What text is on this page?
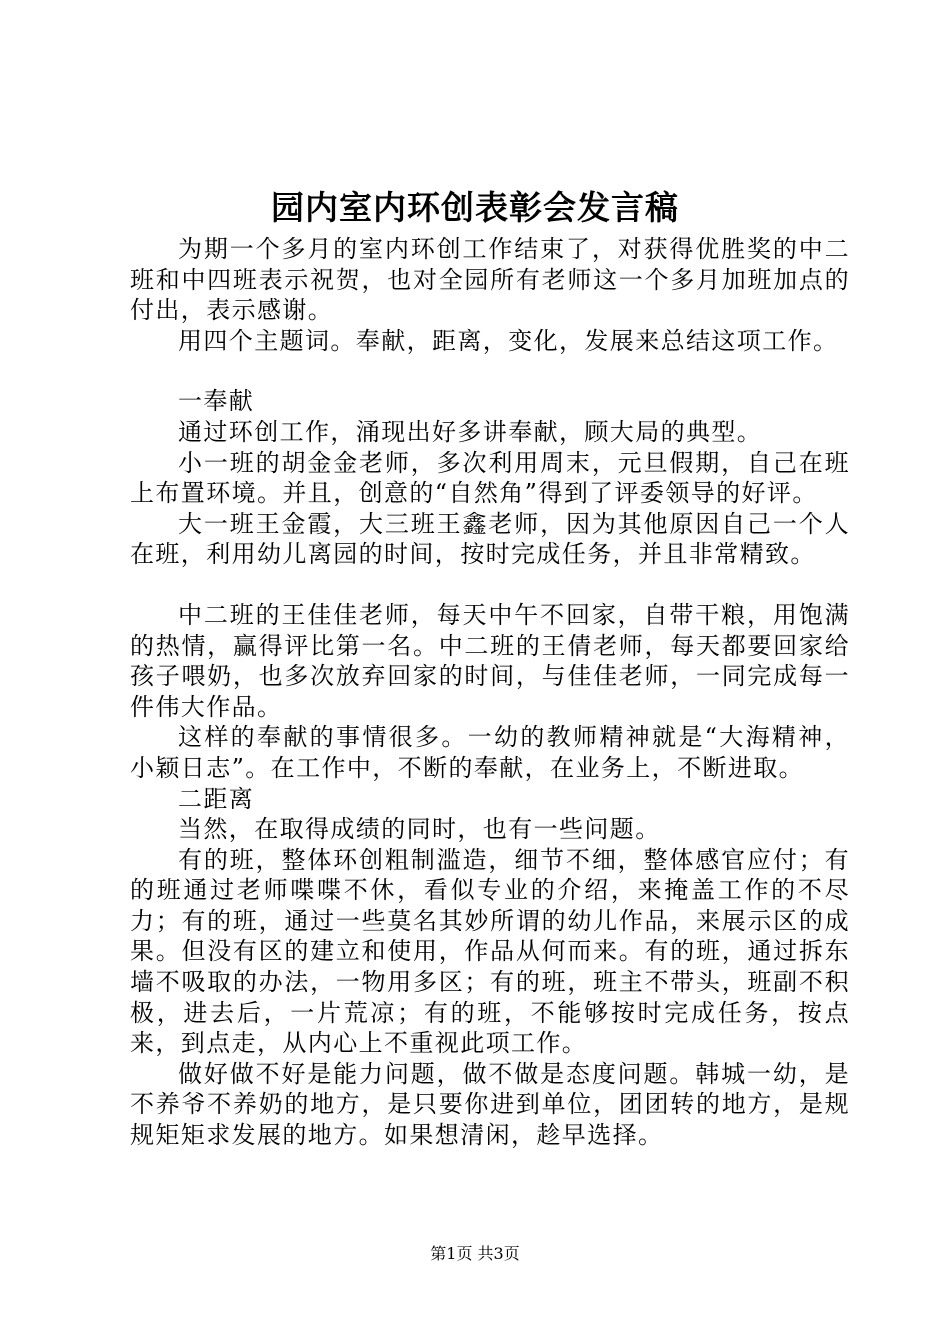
园内室内环创表彰会发言稿

为期一个多月的室内环创工作结束了，对获得优胜奖的中二班和中四班表示祝贺，也对全园所有老师这一个多月加班加点的付出，表示感谢。

用四个主题词。奉献，距离，变化，发展来总结这项工作。

一奉献

通过环创工作，涌现出好多讲奉献，顾大局的典型。

小一班的胡金金老师，多次利用周末，元旦假期，自己在班上布置环境。并且，创意的“自然角”得到了评委领导的好评。

大一班王金霞，大三班王鑫老师，因为其他原因自己一个人在班，利用幼儿离园的时间，按时完成任务，并且非常精致。

中二班的王佳佳老师，每天中午不回家，自带干粮，用饱满的热情，赢得评比第一名。中二班的王倩老师，每天都要回家给孩子喂奶，也多次放弃回家的时间，与佳佳老师，一同完成每一件伟大作品。

这样的奉献的事情很多。一幼的教师精神就是“大海精神，小颖日志”。在工作中，不断的奉献，在业务上，不断进取。

二距离

当然，在取得成绩的同时，也有一些问题。

有的班，整体环创粗制滥造，细节不细，整体感官应付；有的班通过老师喋喋不休，看似专业的介绍，来掩盖工作的不尽力；有的班，通过一些莫名其妙所谓的幼儿作品，来展示区的成果。但没有区的建立和使用，作品从何而来。有的班，通过拆东墙不吸取的办法，一物用多区；有的班，班主不带头，班副不积极，进去后，一片荒凉；有的班，不能够按时完成任务，按点来，到点走，从内心上不重视此项工作。

做好做不好是能力问题，做不做是态度问题。韩城一幼，是不养爷不养奶的地方，是只要你进到单位，团团转的地方，是规规矩矩求发展的地方。如果想清闲，趁早选择。

第1页 共3页
